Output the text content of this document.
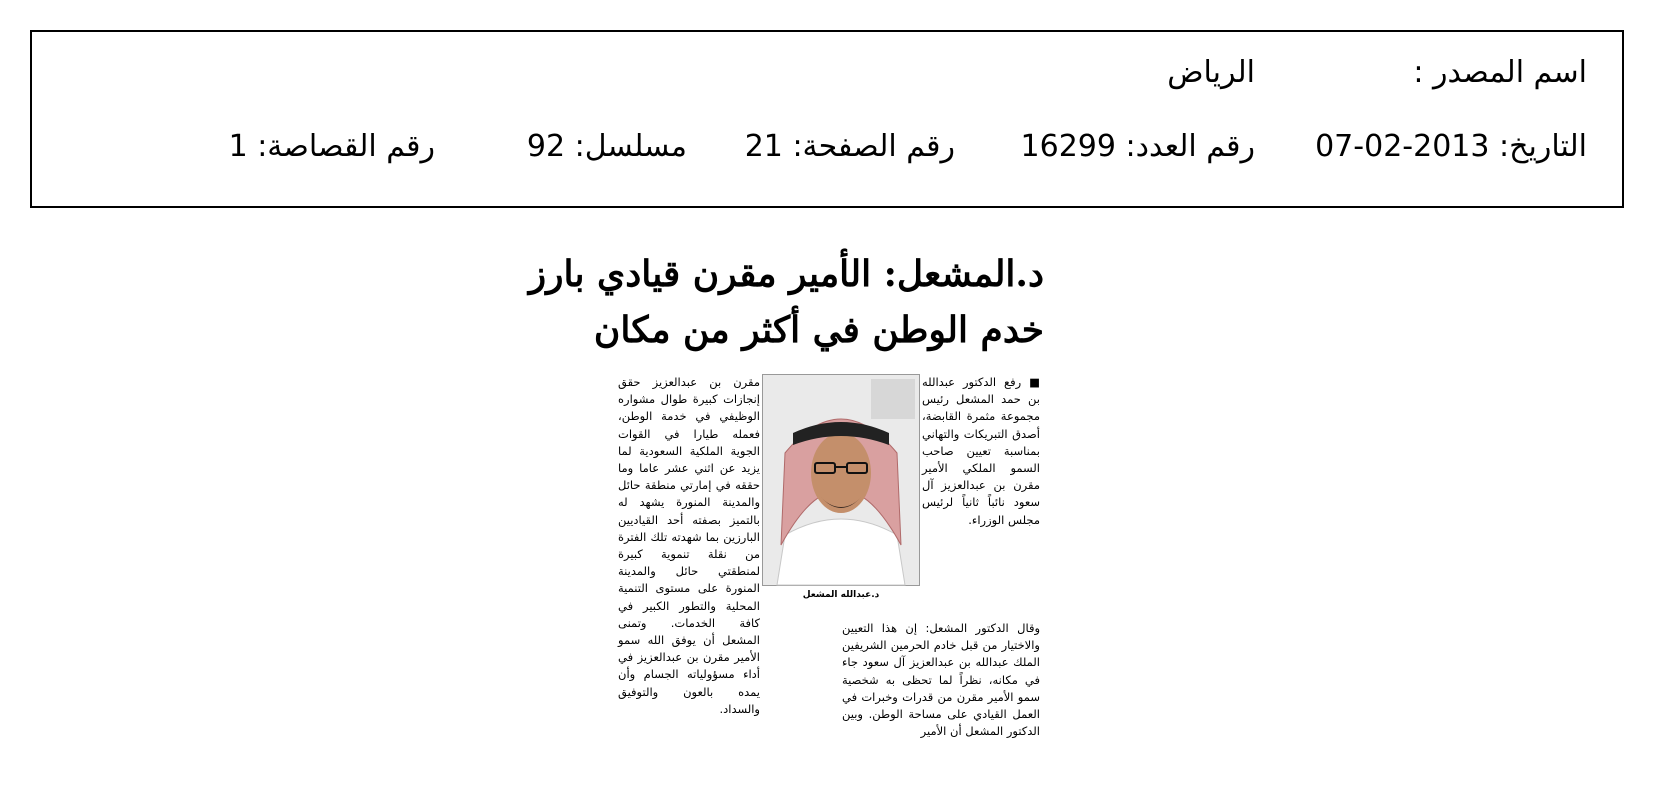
اسم المصدر :
الرياض
التاريخ: 2013-02-07
رقم العدد: 16299
رقم الصفحة: 21
مسلسل: 92
رقم القصاصة: 1
د.المشعل: الأمير مقرن قيادي بارز
خدم الوطن في أكثر من مكان
■ رفع الدكتور عبدالله بن حمد المشعل رئيس مجموعة مثمرة القابضة، أصدق التبريكات والتهاني بمناسبة تعيين صاحب السمو الملكي الأمير مقرن بن عبدالعزيز آل سعود نائباً ثانياً لرئيس مجلس الوزراء.
د.عبدالله المشعل
وقال الدكتور المشعل: إن هذا التعيين والاختيار من قبل خادم الحرمين الشريفين الملك عبدالله بن عبدالعزيز آل سعود جاء في مكانه، نظراً لما تحظى به شخصية سمو الأمير مقرن من قدرات وخبرات في العمل القيادي على مساحة الوطن. وبين الدكتور المشعل أن الأمير
مقرن بن عبدالعزيز حقق إنجازات كبيرة طوال مشواره الوظيفي في خدمة الوطن، فعمله طيارا في القوات الجوية الملكية السعودية لما يزيد عن اثني عشر عاما وما حققه في إمارتي منطقة حائل والمدينة المنورة يشهد له بالتميز بصفته أحد القياديين البارزين بما شهدته تلك الفترة من نقلة تنموية كبيرة لمنطقتي حائل والمدينة المنورة على مستوى التنمية المحلية والتطور الكبير في كافة الخدمات. وتمنى المشعل أن يوفق الله سمو الأمير مقرن بن عبدالعزيز في أداء مسؤولياته الجسام وأن يمده بالعون والتوفيق والسداد.
